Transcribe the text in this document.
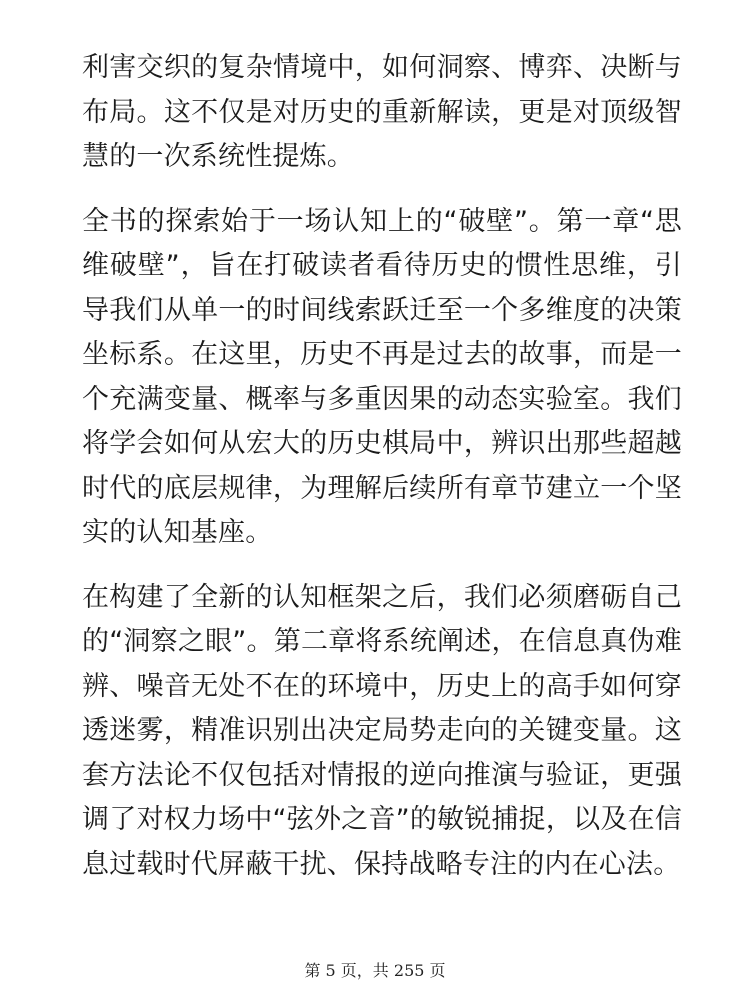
利害交织的复杂情境中，如何洞察、博弈、决断与布局。这不仅是对历史的重新解读，更是对顶级智慧的一次系统性提炼。

全书的探索始于一场认知上的“破壁”。第一章“思维破壁”，旨在打破读者看待历史的惯性思维，引导我们从单一的时间线索跃迁至一个多维度的决策坐标系。在这里，历史不再是过去的故事，而是一个充满变量、概率与多重因果的动态实验室。我们将学会如何从宏大的历史棋局中，辨识出那些超越时代的底层规律，为理解后续所有章节建立一个坚实的认知基座。

在构建了全新的认知框架之后，我们必须磨砺自己的“洞察之眼”。第二章将系统阐述，在信息真伪难辨、噪音无处不在的环境中，历史上的高手如何穿透迷雾，精准识别出决定局势走向的关键变量。这套方法论不仅包括对情报的逆向推演与验证，更强调了对权力场中“弦外之音”的敏锐捕捉，以及在信息过载时代屏蔽干扰、保持战略专注的内在心法。

第 5 页，共 255 页
